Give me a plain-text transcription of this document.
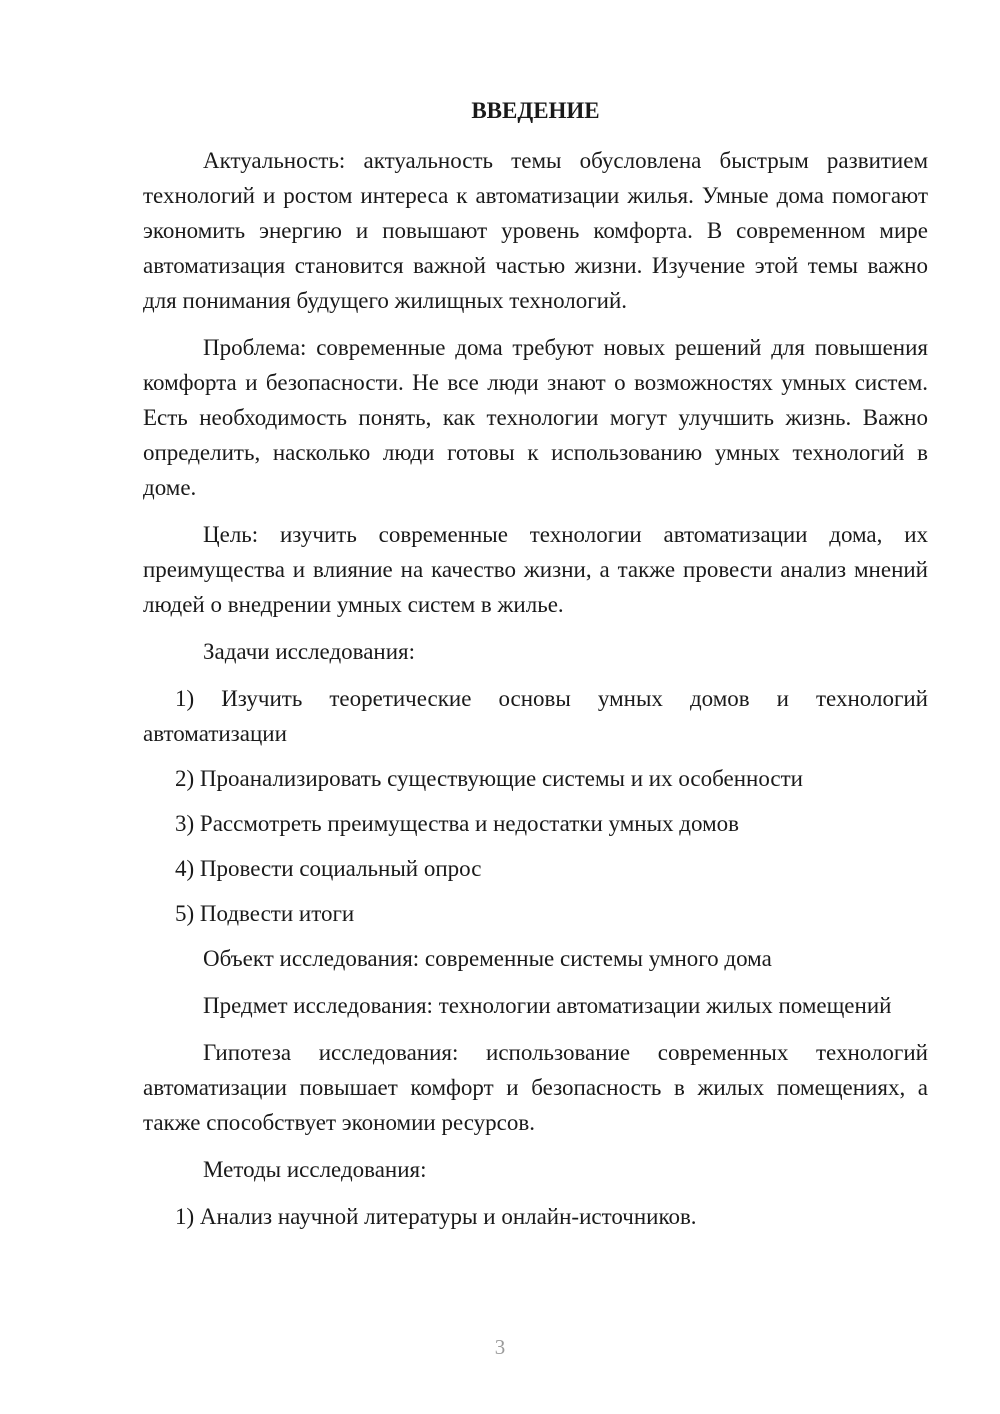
ВВЕДЕНИЕ

Актуальность: актуальность темы обусловлена быстрым развитием технологий и ростом интереса к автоматизации жилья. Умные дома помогают экономить энергию и повышают уровень комфорта. В современном мире автоматизация становится важной частью жизни. Изучение этой темы важно для понимания будущего жилищных технологий.

Проблема: современные дома требуют новых решений для повышения комфорта и безопасности. Не все люди знают о возможностях умных систем. Есть необходимость понять, как технологии могут улучшить жизнь. Важно определить, насколько люди готовы к использованию умных технологий в доме.

Цель: изучить современные технологии автоматизации дома, их преимущества и влияние на качество жизни, а также провести анализ мнений людей о внедрении умных систем в жилье.

Задачи исследования:

1) Изучить теоретические основы умных домов и технологий автоматизации

2) Проанализировать существующие системы и их особенности

3) Рассмотреть преимущества и недостатки умных домов

4) Провести социальный опрос

5) Подвести итоги

Объект исследования: современные системы умного дома

Предмет исследования: технологии автоматизации жилых помещений

Гипотеза исследования: использование современных технологий автоматизации повышает комфорт и безопасность в жилых помещениях, а также способствует экономии ресурсов.

Методы исследования:

1) Анализ научной литературы и онлайн-источников.

3
